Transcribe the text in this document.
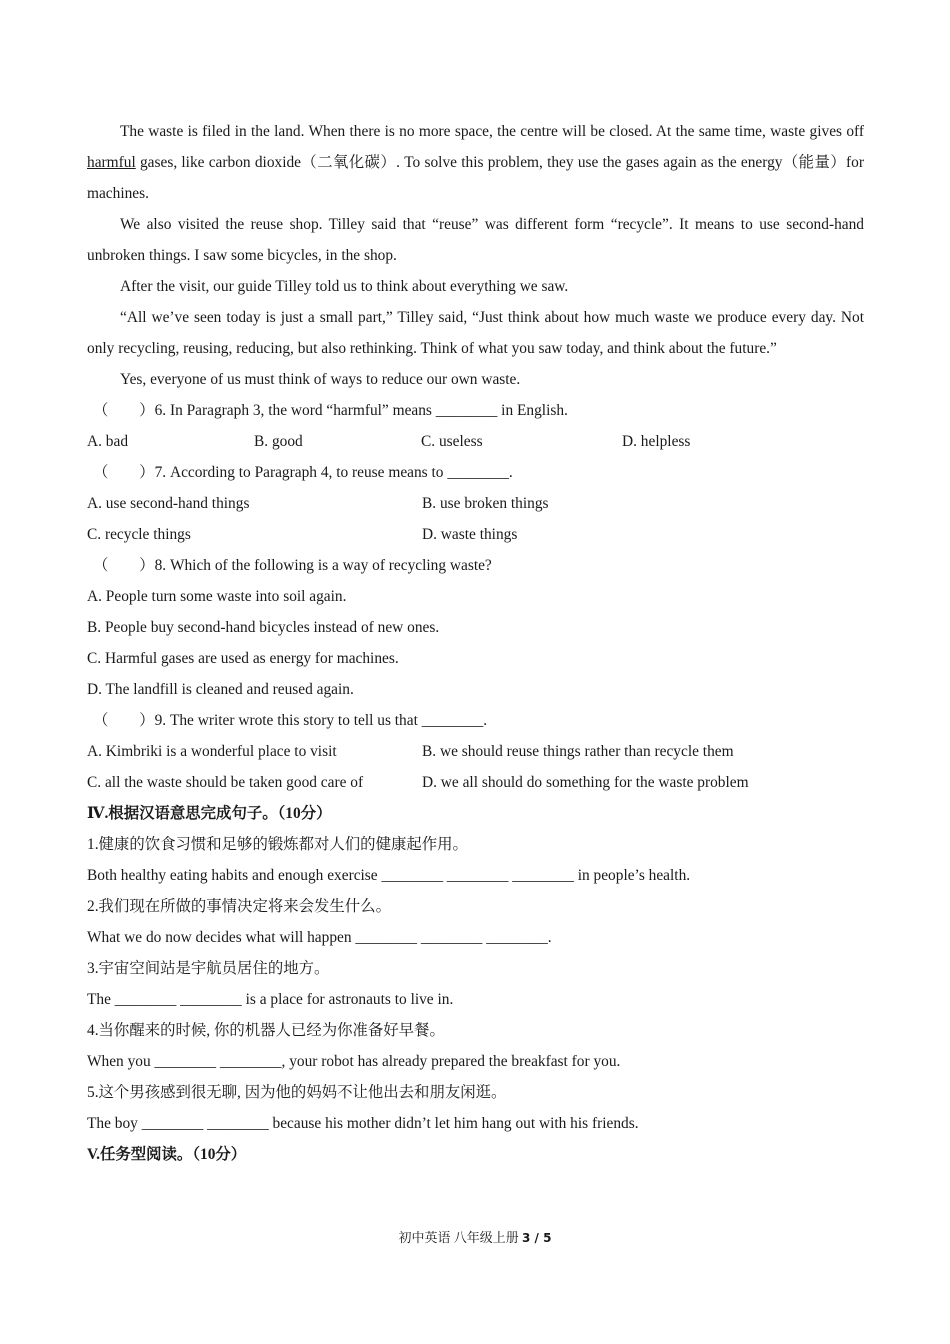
The waste is filed in the land. When there is no more space, the centre will be closed. At the same time, waste gives off harmful gases, like carbon dioxide（二氧化碳）. To solve this problem, they use the gases again as the energy（能量）for machines.

We also visited the reuse shop. Tilley said that “reuse” was different form “recycle”. It means to use second-hand unbroken things. I saw some bicycles, in the shop.

After the visit, our guide Tilley told us to think about everything we saw.

“All we’ve seen today is just a small part,” Tilley said, “Just think about how much waste we produce every day. Not only recycling, reusing, reducing, but also rethinking. Think of what you saw today, and think about the future.”

Yes, everyone of us must think of ways to reduce our own waste.

（　　）6. In Paragraph 3, the word “harmful” means ________ in English.
A. bad	B. good	C. useless	D. helpless
（　　）7. According to Paragraph 4, to reuse means to ________.
A. use second-hand things	B. use broken things
C. recycle things	D. waste things
（　　）8. Which of the following is a way of recycling waste?
A. People turn some waste into soil again.
B. People buy second-hand bicycles instead of new ones.
C. Harmful gases are used as energy for machines.
D. The landfill is cleaned and reused again.
（　　）9. The writer wrote this story to tell us that ________.
A. Kimbriki is a wonderful place to visit	B. we should reuse things rather than recycle them
C. all the waste should be taken good care of	D. we all should do something for the waste problem
Ⅳ.根据汉语意思完成句子。（10分）
1.健康的饮食习惯和足够的锻炼都对人们的健康起作用。
Both healthy eating habits and enough exercise ________ ________ ________ in people’s health.
2.我们现在所做的事情决定将来会发生什么。
What we do now decides what will happen ________ ________ ________.
3.宇宙空间站是宇航员居住的地方。
The ________ ________ is a place for astronauts to live in.
4.当你醒来的时候, 你的机器人已经为你准备好早餐。
When you ________ ________, your robot has already prepared the breakfast for you.
5.这个男孩感到很无聊, 因为他的妈妈不让他出去和朋友闲逛。
The boy ________ ________ because his mother didn’t let him hang out with his friends.
V.任务型阅读。（10分）
初中英语 八年级上册 3 / 5
